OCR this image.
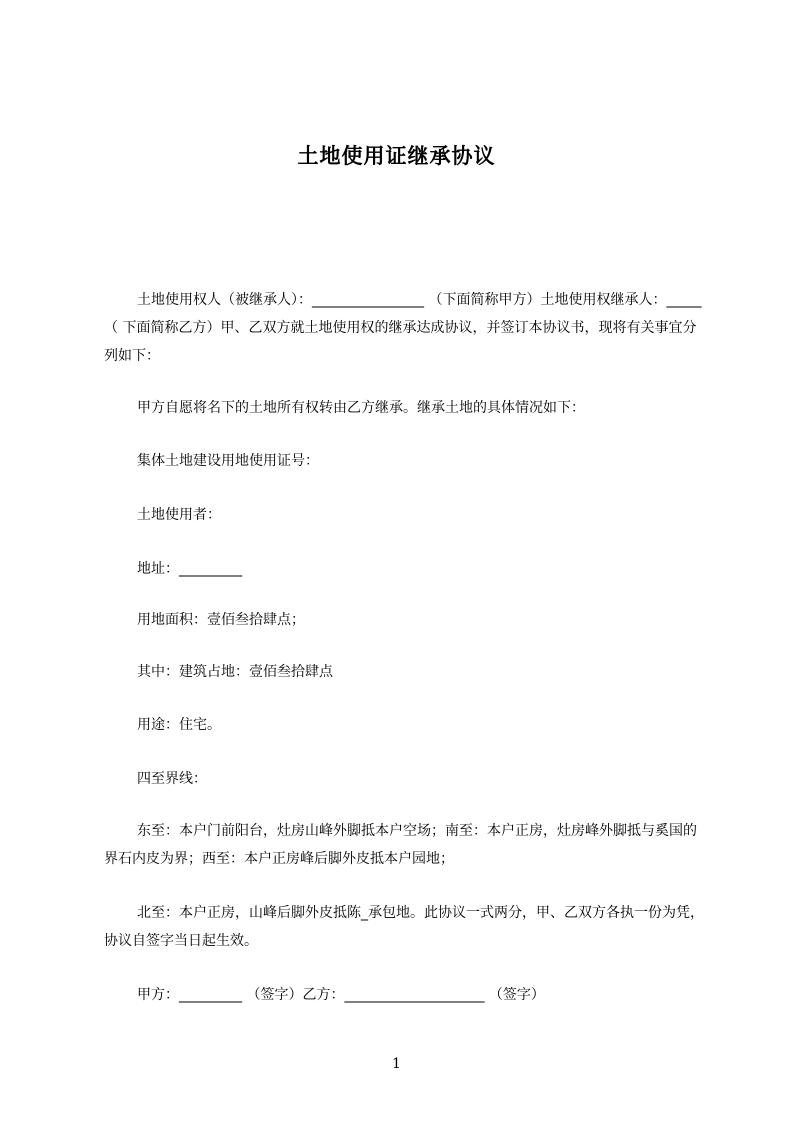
土地使用证继承协议

土地使用权人（被继承人）：________________ （下面简称甲方）土地使用权继承人：_____（ 下面简称乙方）甲、乙双方就土地使用权的继承达成协议，并签订本协议书，现将有关事宜分列如下：

甲方自愿将名下的土地所有权转由乙方继承。继承土地的具体情况如下：

集体土地建设用地使用证号：

土地使用者：

地址：_________

用地面积：壹佰叁拾肆点；

其中：建筑占地：壹佰叁拾肆点

用途：住宅。

四至界线：

东至：本户门前阳台，灶房山峰外脚抵本户空场；南至：本户正房，灶房峰外脚抵与奚国的界石内皮为界；西至：本户正房峰后脚外皮抵本户园地；

北至：本户正房，山峰后脚外皮抵陈_承包地。此协议一式两分，甲、乙双方各执一份为凭，协议自签字当日起生效。

甲方：_________ （签字）乙方：____________________ （签字）

1
